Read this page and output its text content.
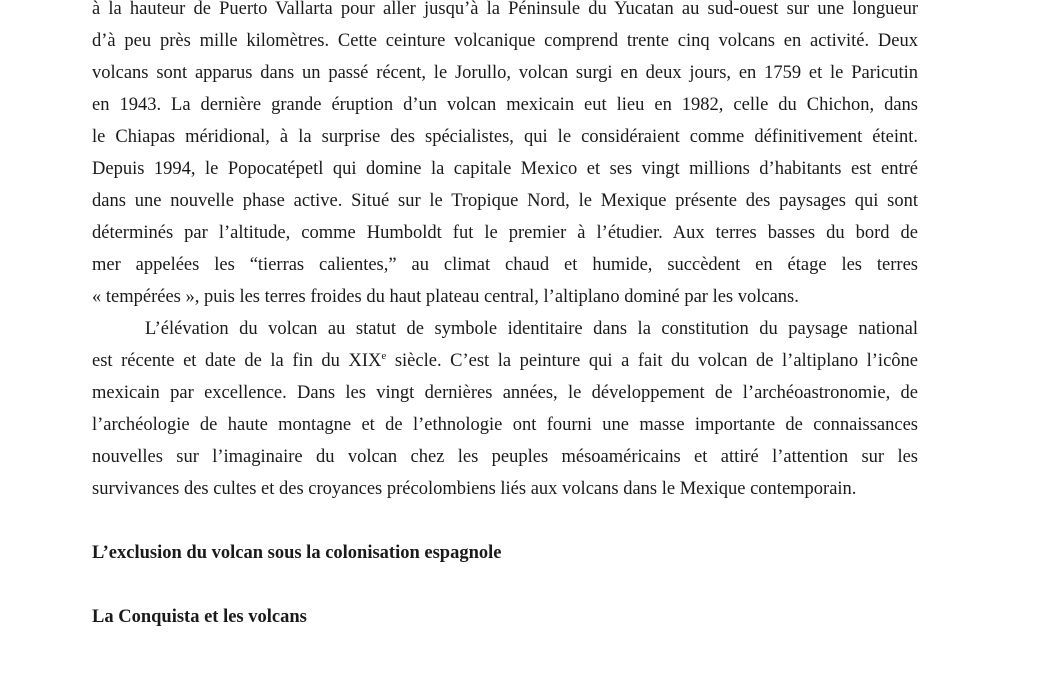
à la hauteur de Puerto Vallarta pour aller jusqu’à la Péninsule du Yucatan au sud-ouest sur une longueur
d’à peu près mille kilomètres. Cette ceinture volcanique comprend trente cinq volcans en activité. Deux
volcans sont apparus dans un passé récent, le Jorullo, volcan surgi en deux jours, en 1759 et le Paricutin
en 1943. La dernière grande éruption d’un volcan mexicain eut lieu en 1982, celle du Chichon, dans
le Chiapas méridional, à la surprise des spécialistes, qui le considéraient comme définitivement éteint.
Depuis 1994, le Popocatépetl qui domine la capitale Mexico et ses vingt millions d’habitants est entré
dans une nouvelle phase active. Situé sur le Tropique Nord, le Mexique présente des paysages qui sont
déterminés par l’altitude, comme Humboldt fut le premier à l’étudier. Aux terres basses du bord de
mer appelées les “tierras calientes,” au climat chaud et humide, succèdent en étage les terres
« tempérées », puis les terres froides du haut plateau central, l’altiplano dominé par les volcans.
L’élévation du volcan au statut de symbole identitaire dans la constitution du paysage national
est récente et date de la fin du XIXe siècle. C’est la peinture qui a fait du volcan de l’altiplano l’icône
mexicain par excellence. Dans les vingt dernières années, le développement de l’archéoastronomie, de
l’archéologie de haute montagne et de l’ethnologie ont fourni une masse importante de connaissances
nouvelles sur l’imaginaire du volcan chez les peuples mésoaméricains et attiré l’attention sur les
survivances des cultes et des croyances précolombiens liés aux volcans dans le Mexique contemporain.
L’exclusion du volcan sous la colonisation espagnole
La Conquista et les volcans
